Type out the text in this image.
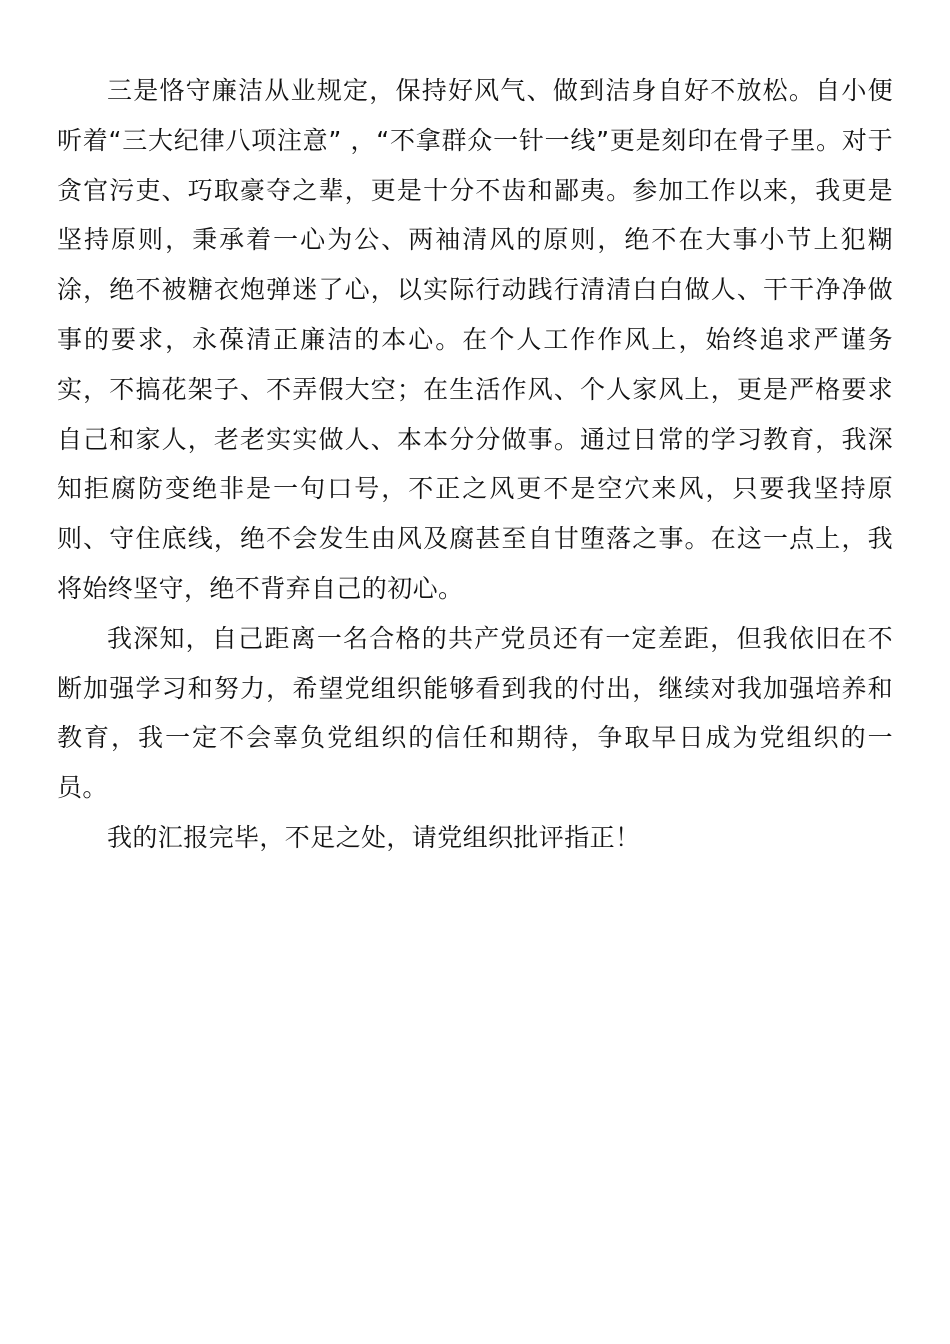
三是恪守廉洁从业规定，保持好风气、做到洁身自好不放松。自小便听着“三大纪律八项注意” ，“不拿群众一针一线”更是刻印在骨子里。对于贪官污吏、巧取豪夺之辈，更是十分不齿和鄙夷。参加工作以来，我更是坚持原则，秉承着一心为公、两袖清风的原则，绝不在大事小节上犯糊涂，绝不被糖衣炮弹迷了心，以实际行动践行清清白白做人、干干净净做事的要求，永葆清正廉洁的本心。在个人工作作风上，始终追求严谨务实，不搞花架子、不弄假大空；在生活作风、个人家风上，更是严格要求自己和家人，老老实实做人、本本分分做事。通过日常的学习教育，我深知拒腐防变绝非是一句口号，不正之风更不是空穴来风，只要我坚持原则、守住底线，绝不会发生由风及腐甚至自甘堕落之事。在这一点上，我将始终坚守，绝不背弃自己的初心。

我深知，自己距离一名合格的共产党员还有一定差距，但我依旧在不断加强学习和努力，希望党组织能够看到我的付出，继续对我加强培养和教育，我一定不会辜负党组织的信任和期待，争取早日成为党组织的一员。

我的汇报完毕，不足之处，请党组织批评指正！
